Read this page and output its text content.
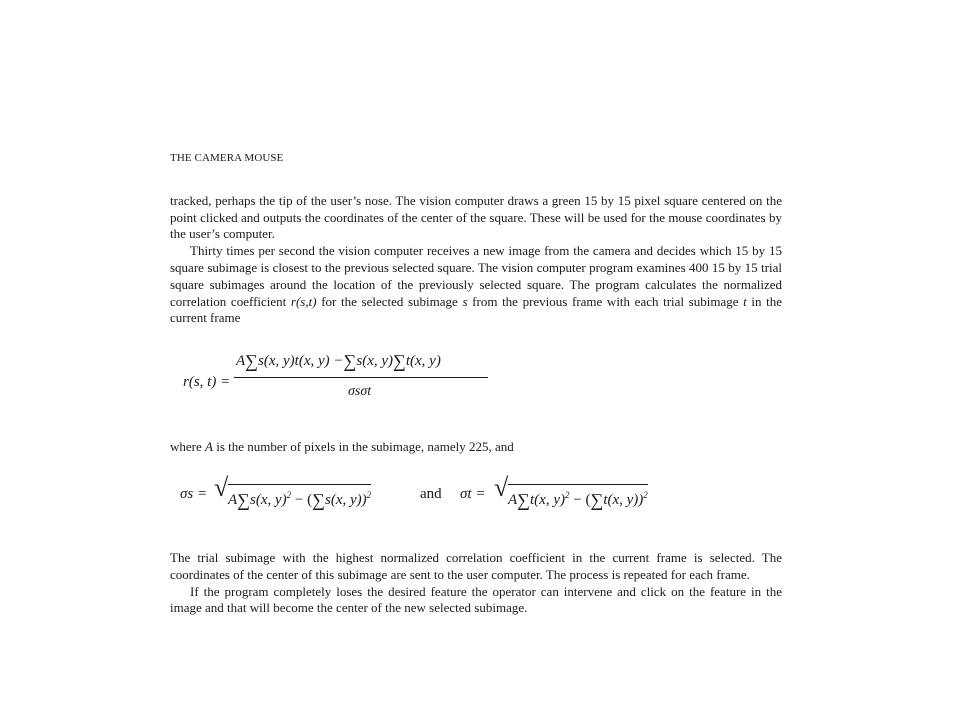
THE CAMERA MOUSE

tracked, perhaps the tip of the user’s nose. The vision computer draws a green 15 by 15 pixel square centered on the point clicked and outputs the coordinates of the center of the square. These will be used for the mouse coordinates by the user’s computer.

Thirty times per second the vision computer receives a new image from the camera and decides which 15 by 15 square subimage is closest to the previous selected square. The vision computer program examines 400 15 by 15 trial square subimages around the location of the previously selected square. The program calculates the normalized correlation coefficient r(s,t) for the selected subimage s from the previous frame with each trial subimage t in the current frame

r(s, t) =
A∑s(x, y)t(x, y) −∑s(x, y)∑t(x, y)
σsσt

where A is the number of pixels in the subimage, namely 225, and

σs = √ A∑s(x, y)$^2$ − (∑s(x, y))$^2$	and σt = √ A∑t(x, y)$^2$ − (∑t(x, y))$^2$

The trial subimage with the highest normalized correlation coefficient in the current frame is selected. The coordinates of the center of this subimage are sent to the user computer. The process is repeated for each frame.

If the program completely loses the desired feature the operator can intervene and click on the feature in the image and that will become the center of the new selected subimage.
